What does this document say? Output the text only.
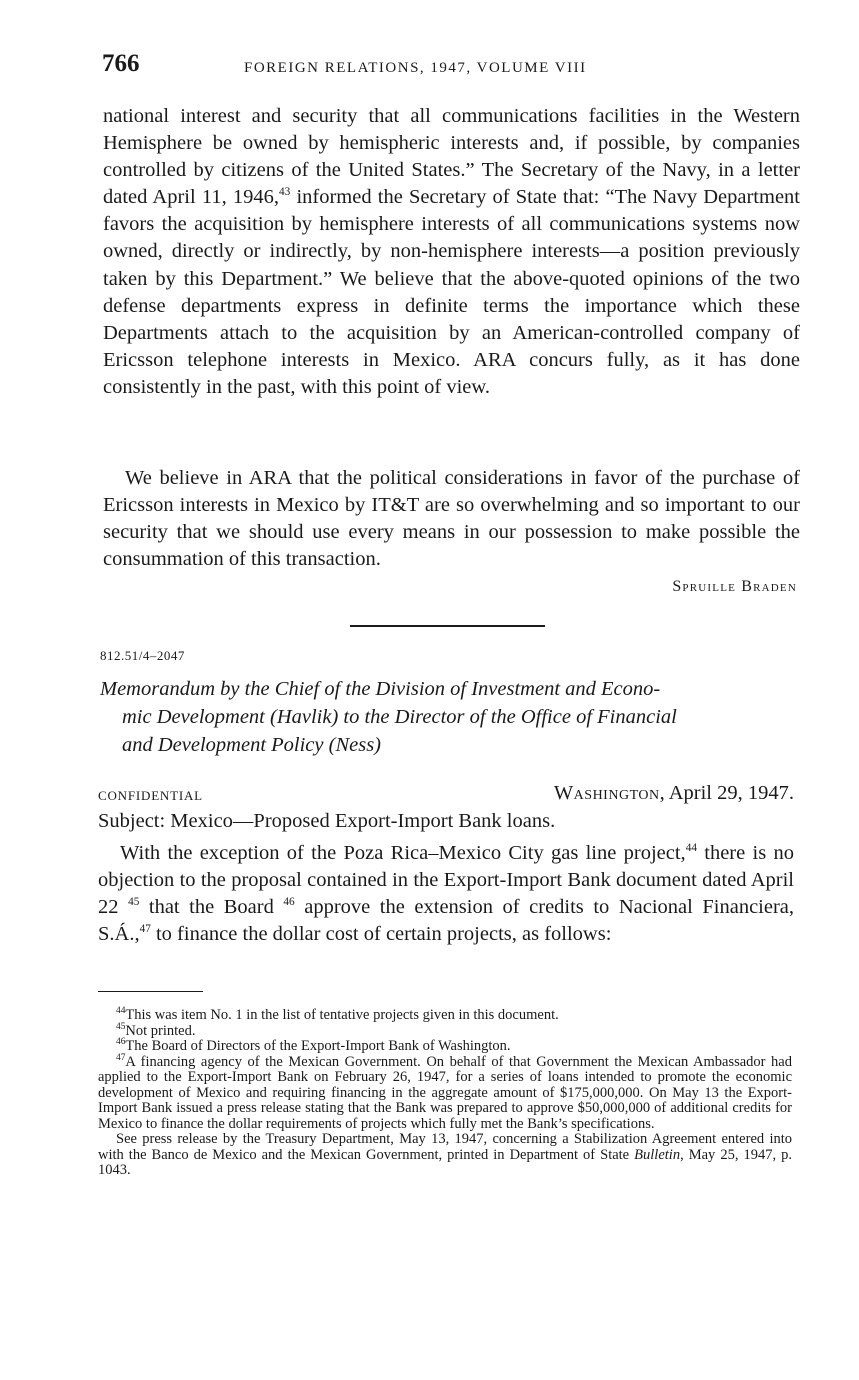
766	FOREIGN RELATIONS, 1947, VOLUME VIII

national interest and security that all communications facilities in the Western Hemisphere be owned by hemispheric interests and, if possible, by companies controlled by citizens of the United States.” The Secretary of the Navy, in a letter dated April 11, 1946,43 informed the Secretary of State that: “The Navy Department favors the acquisition by hemisphere interests of all communications systems now owned, directly or indirectly, by non-hemisphere interests—a position previously taken by this Department.” We believe that the above-quoted opinions of the two defense departments express in definite terms the importance which these Departments attach to the acquisition by an American-controlled company of Ericsson telephone interests in Mexico. ARA concurs fully, as it has done consistently in the past, with this point of view.

We believe in ARA that the political considerations in favor of the purchase of Ericsson interests in Mexico by IT&T are so overwhelming and so important to our security that we should use every means in our possession to make possible the consummation of this transaction.

Spruille Braden
812.51/4–2047
Memorandum by the Chief of the Division of Investment and Econo-
mic Development (Havlik) to the Director of the Office of Financial
and Development Policy (Ness)
CONFIDENTIAL	Washington, April 29, 1947.
Subject: Mexico—Proposed Export-Import Bank loans.

With the exception of the Poza Rica–Mexico City gas line project,$^{44}$ there is no objection to the proposal contained in the Export-Import Bank document dated April 22 $^{45}$ that the Board $^{46}$ approve the extension of credits to Nacional Financiera, S.Á.,$^{47}$ to finance the dollar cost of certain projects, as follows:

$^{44}$This was item No. 1 in the list of tentative projects given in this document.

$^{45}$Not printed.

$^{46}$The Board of Directors of the Export-Import Bank of Washington.

$^{47}$A financing agency of the Mexican Government. On behalf of that Government the Mexican Ambassador had applied to the Export-Import Bank on February 26, 1947, for a series of loans intended to promote the economic development of Mexico and requiring financing in the aggregate amount of $175,000,000. On May 13 the Export-Import Bank issued a press release stating that the Bank was prepared to approve $50,000,000 of additional credits for Mexico to finance the dollar requirements of projects which fully met the Bank’s specifications.

See press release by the Treasury Department, May 13, 1947, concerning a Stabilization Agreement entered into with the Banco de Mexico and the Mexican Government, printed in Department of State Bulletin, May 25, 1947, p. 1043.
